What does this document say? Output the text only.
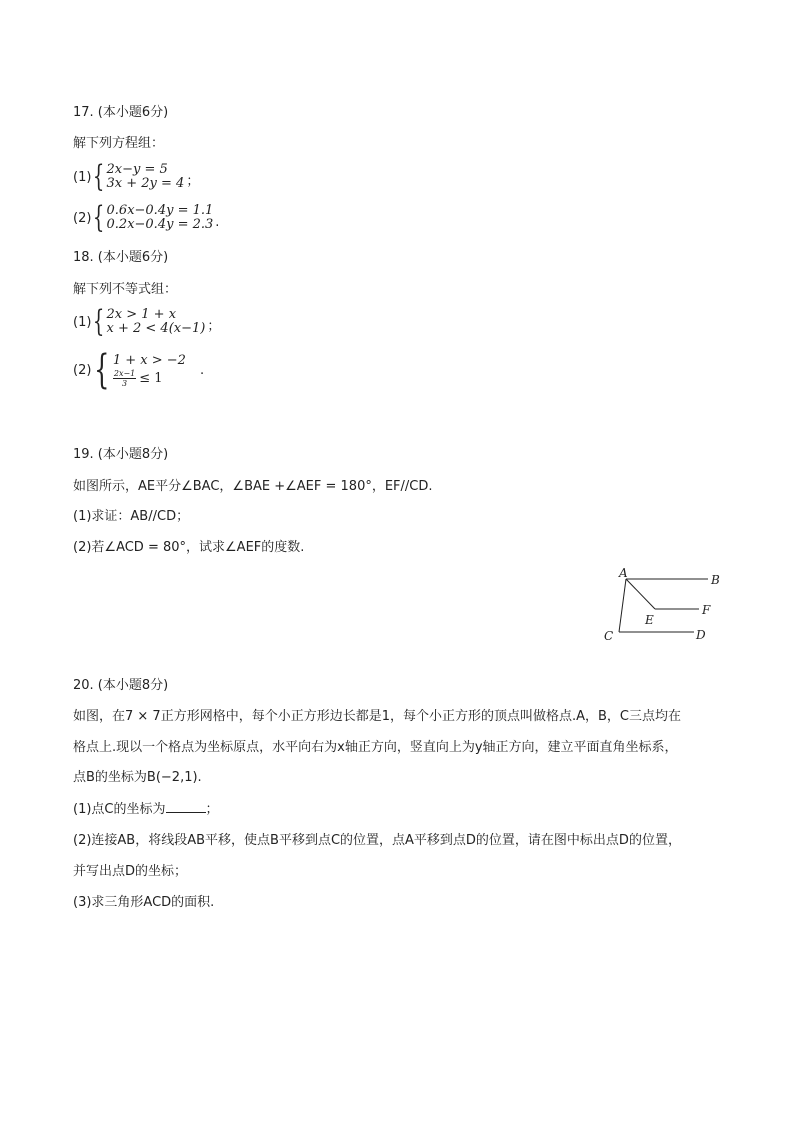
17. (本小题6分)
解下列方程组：
(1) { 2x−y = 5
3x + 2y = 4 ；
(2) { 0.6x−0.4y = 1.1
0.2x−0.4y = 2.3 .
18. (本小题6分)
解下列不等式组：
(1) { 2x > 1 + x
x + 2 < 4(x−1) ；
(2) { 1 + x > −2
$\frac{2x-1}{3} \le 1$
.
19. (本小题8分)
如图所示，AE平分∠BAC，∠BAE +∠AEF = 180°，EF//CD.
(1)求证：AB//CD；
(2)若∠ACD = 80°，试求∠AEF的度数.
A	B
E
F
C	D
20. (本小题8分)
如图，在7 × 7正方形网格中，每个小正方形边长都是1，每个小正方形的顶点叫做格点.A，B，C三点均在
格点上.现以一个格点为坐标原点，水平向右为x轴正方向，竖直向上为y轴正方向，建立平面直角坐标系，
点B的坐标为B(−2,1).
(1)点C的坐标为	；
(2)连接AB，将线段AB平移，使点B平移到点C的位置，点A平移到点D的位置，请在图中标出点D的位置，
并写出点D的坐标；
(3)求三角形ACD的面积.
